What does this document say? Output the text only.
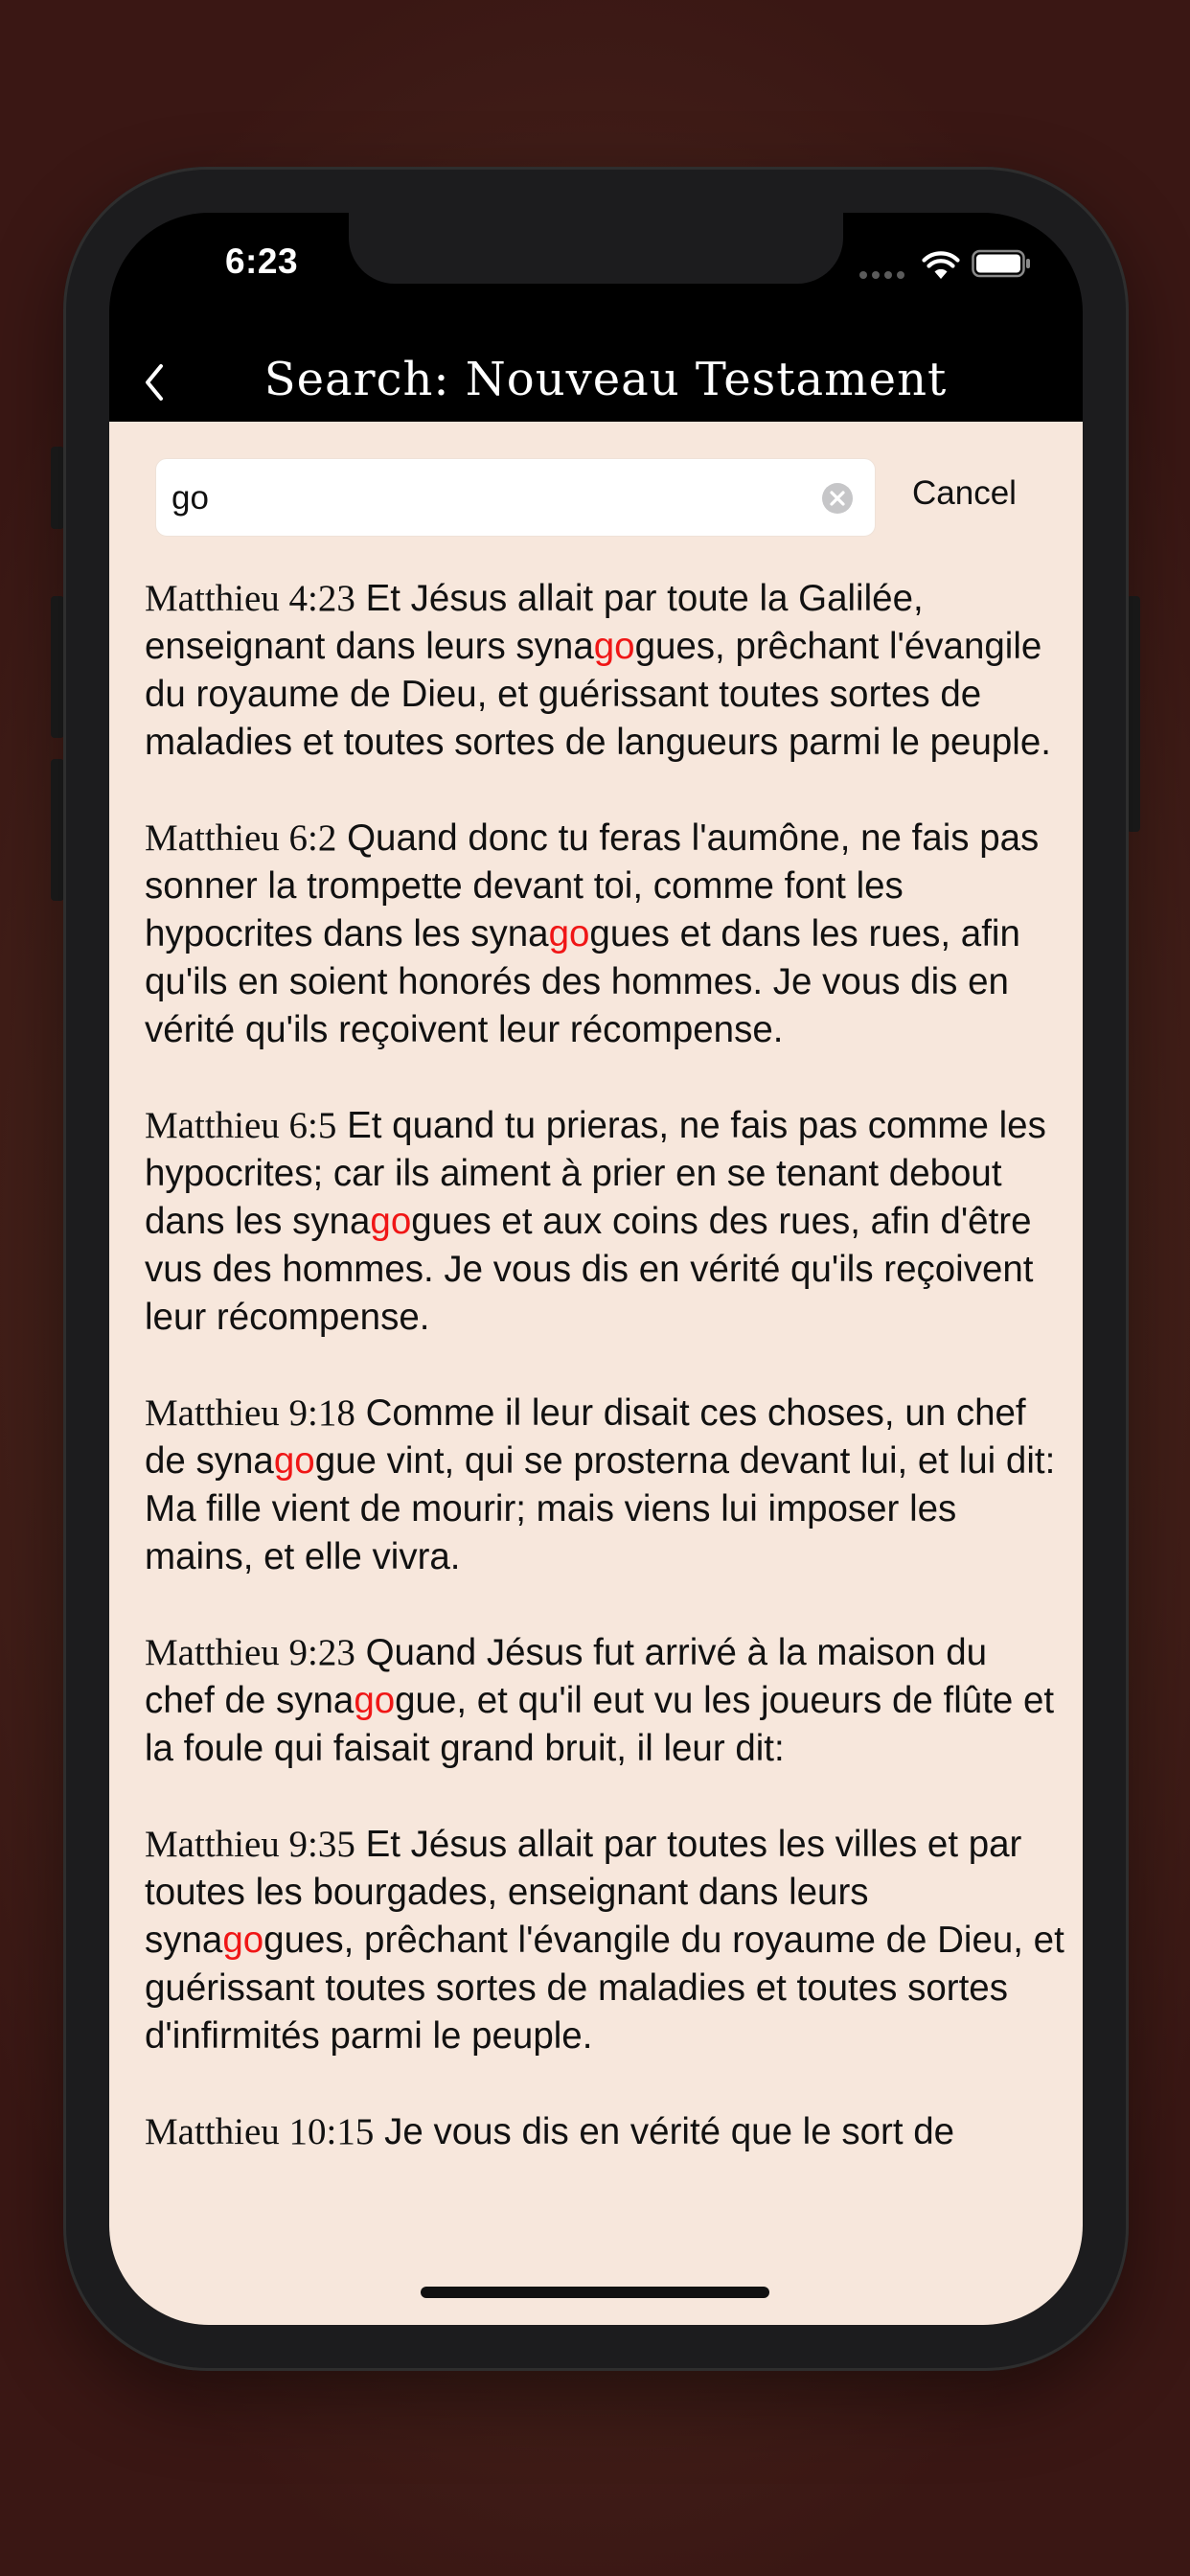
6:23
Search: Nouveau Testament
go
Cancel
Matthieu 4:23 Et Jésus allait par toute la Galilée, enseignant dans leurs synagogues, prêchant l'évangile du royaume de Dieu, et guérissant toutes sortes de maladies et toutes sortes de langueurs parmi le peuple.
Matthieu 6:2 Quand donc tu feras l'aumône, ne fais pas sonner la trompette devant toi, comme font les hypocrites dans les synagogues et dans les rues, afin qu'ils en soient honorés des hommes. Je vous dis en vérité qu'ils reçoivent leur récompense.
Matthieu 6:5 Et quand tu prieras, ne fais pas comme les hypocrites; car ils aiment à prier en se tenant debout dans les synagogues et aux coins des rues, afin d'être vus des hommes. Je vous dis en vérité qu'ils reçoivent leur récompense.
Matthieu 9:18 Comme il leur disait ces choses, un chef de synagogue vint, qui se prosterna devant lui, et lui dit: Ma fille vient de mourir; mais viens lui imposer les mains, et elle vivra.
Matthieu 9:23 Quand Jésus fut arrivé à la maison du chef de synagogue, et qu'il eut vu les joueurs de flûte et la foule qui faisait grand bruit, il leur dit:
Matthieu 9:35 Et Jésus allait par toutes les villes et par toutes les bourgades, enseignant dans leurs synagogues, prêchant l'évangile du royaume de Dieu, et guérissant toutes sortes de maladies et toutes sortes d'infirmités parmi le peuple.
Matthieu 10:15 Je vous dis en vérité que le sort de
